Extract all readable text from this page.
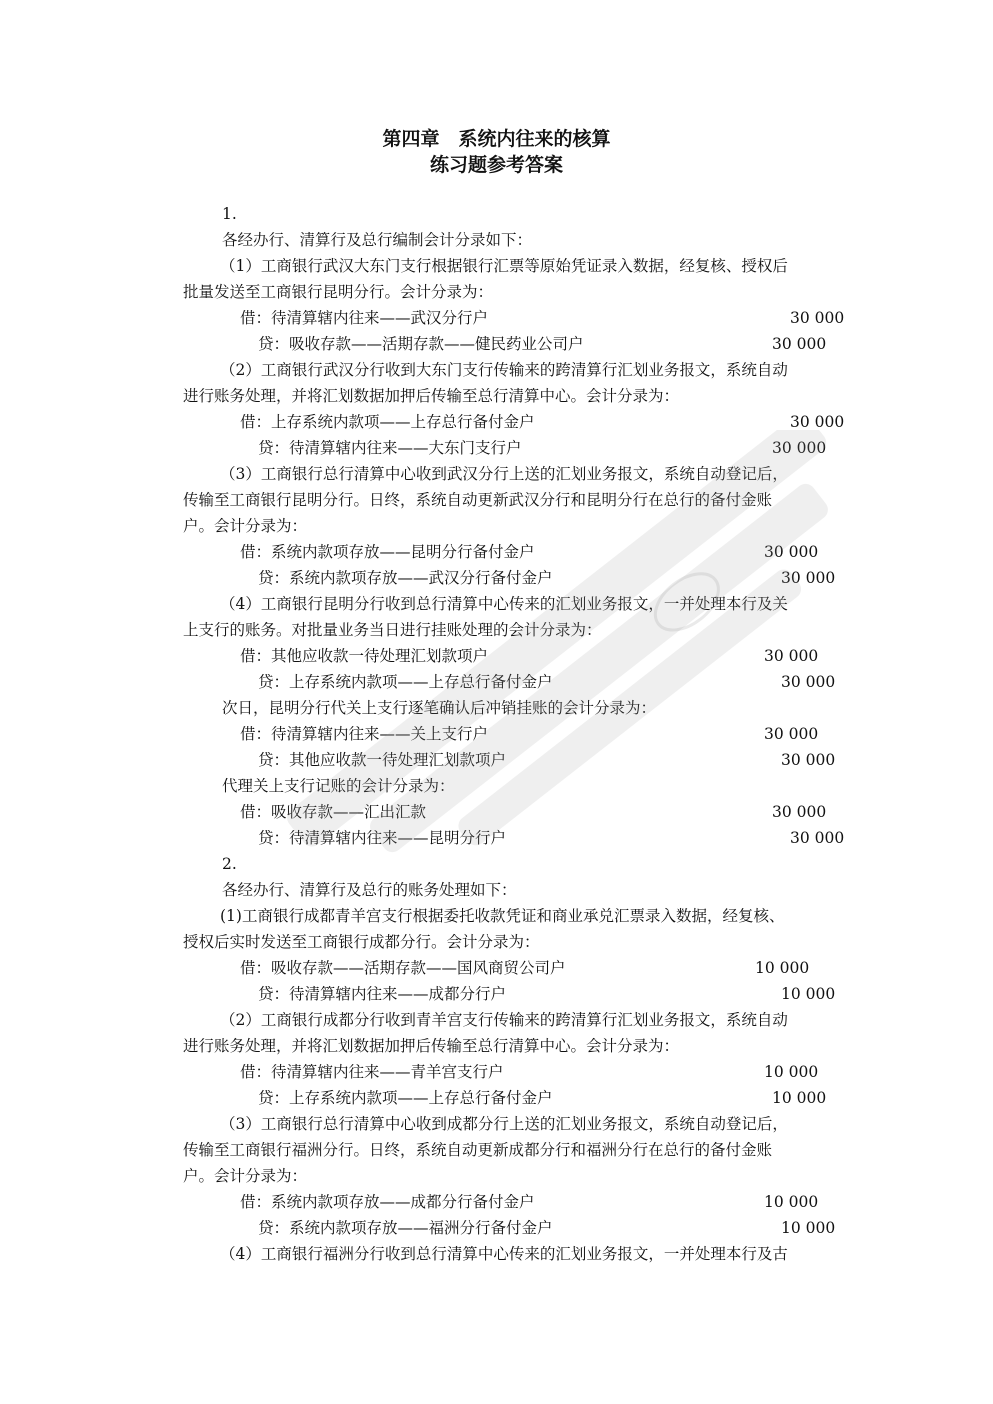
第四章　系统内往来的核算
练习题参考答案
1.
各经办行、清算行及总行编制会计分录如下：
（1）工商银行武汉大东门支行根据银行汇票等原始凭证录入数据，经复核、授权后
批量发送至工商银行昆明分行。会计分录为：
借：待清算辖内往来——武汉分行户	30 000
贷：吸收存款——活期存款——健民药业公司户	30 000
（2）工商银行武汉分行收到大东门支行传输来的跨清算行汇划业务报文，系统自动
进行账务处理，并将汇划数据加押后传输至总行清算中心。会计分录为：
借：上存系统内款项——上存总行备付金户	30 000
贷：待清算辖内往来——大东门支行户	30 000
（3）工商银行总行清算中心收到武汉分行上送的汇划业务报文，系统自动登记后，
传输至工商银行昆明分行。日终，系统自动更新武汉分行和昆明分行在总行的备付金账
户。会计分录为：
借：系统内款项存放——昆明分行备付金户	30 000
贷：系统内款项存放——武汉分行备付金户	30 000
（4）工商银行昆明分行收到总行清算中心传来的汇划业务报文，一并处理本行及关
上支行的账务。对批量业务当日进行挂账处理的会计分录为：
借：其他应收款一待处理汇划款项户	30 000
贷：上存系统内款项——上存总行备付金户	30 000
次日，昆明分行代关上支行逐笔确认后冲销挂账的会计分录为：
借：待清算辖内往来——关上支行户	30 000
贷：其他应收款一待处理汇划款项户	30 000
代理关上支行记账的会计分录为：
借：吸收存款——汇出汇款	30 000
贷：待清算辖内往来——昆明分行户	30 000
2.
各经办行、清算行及总行的账务处理如下：
(1)工商银行成都青羊宫支行根据委托收款凭证和商业承兑汇票录入数据，经复核、
授权后实时发送至工商银行成都分行。会计分录为：
借：吸收存款——活期存款——国风商贸公司户	10 000
贷：待清算辖内往来——成都分行户	10 000
（2）工商银行成都分行收到青羊宫支行传输来的跨清算行汇划业务报文，系统自动
进行账务处理，并将汇划数据加押后传输至总行清算中心。会计分录为：
借：待清算辖内往来——青羊宫支行户	10 000
贷：上存系统内款项——上存总行备付金户	10 000
（3）工商银行总行清算中心收到成都分行上送的汇划业务报文，系统自动登记后，
传输至工商银行福洲分行。日终，系统自动更新成都分行和福洲分行在总行的备付金账
户。会计分录为：
借：系统内款项存放——成都分行备付金户	10 000
贷：系统内款项存放——福洲分行备付金户	10 000
（4）工商银行福洲分行收到总行清算中心传来的汇划业务报文，一并处理本行及古
